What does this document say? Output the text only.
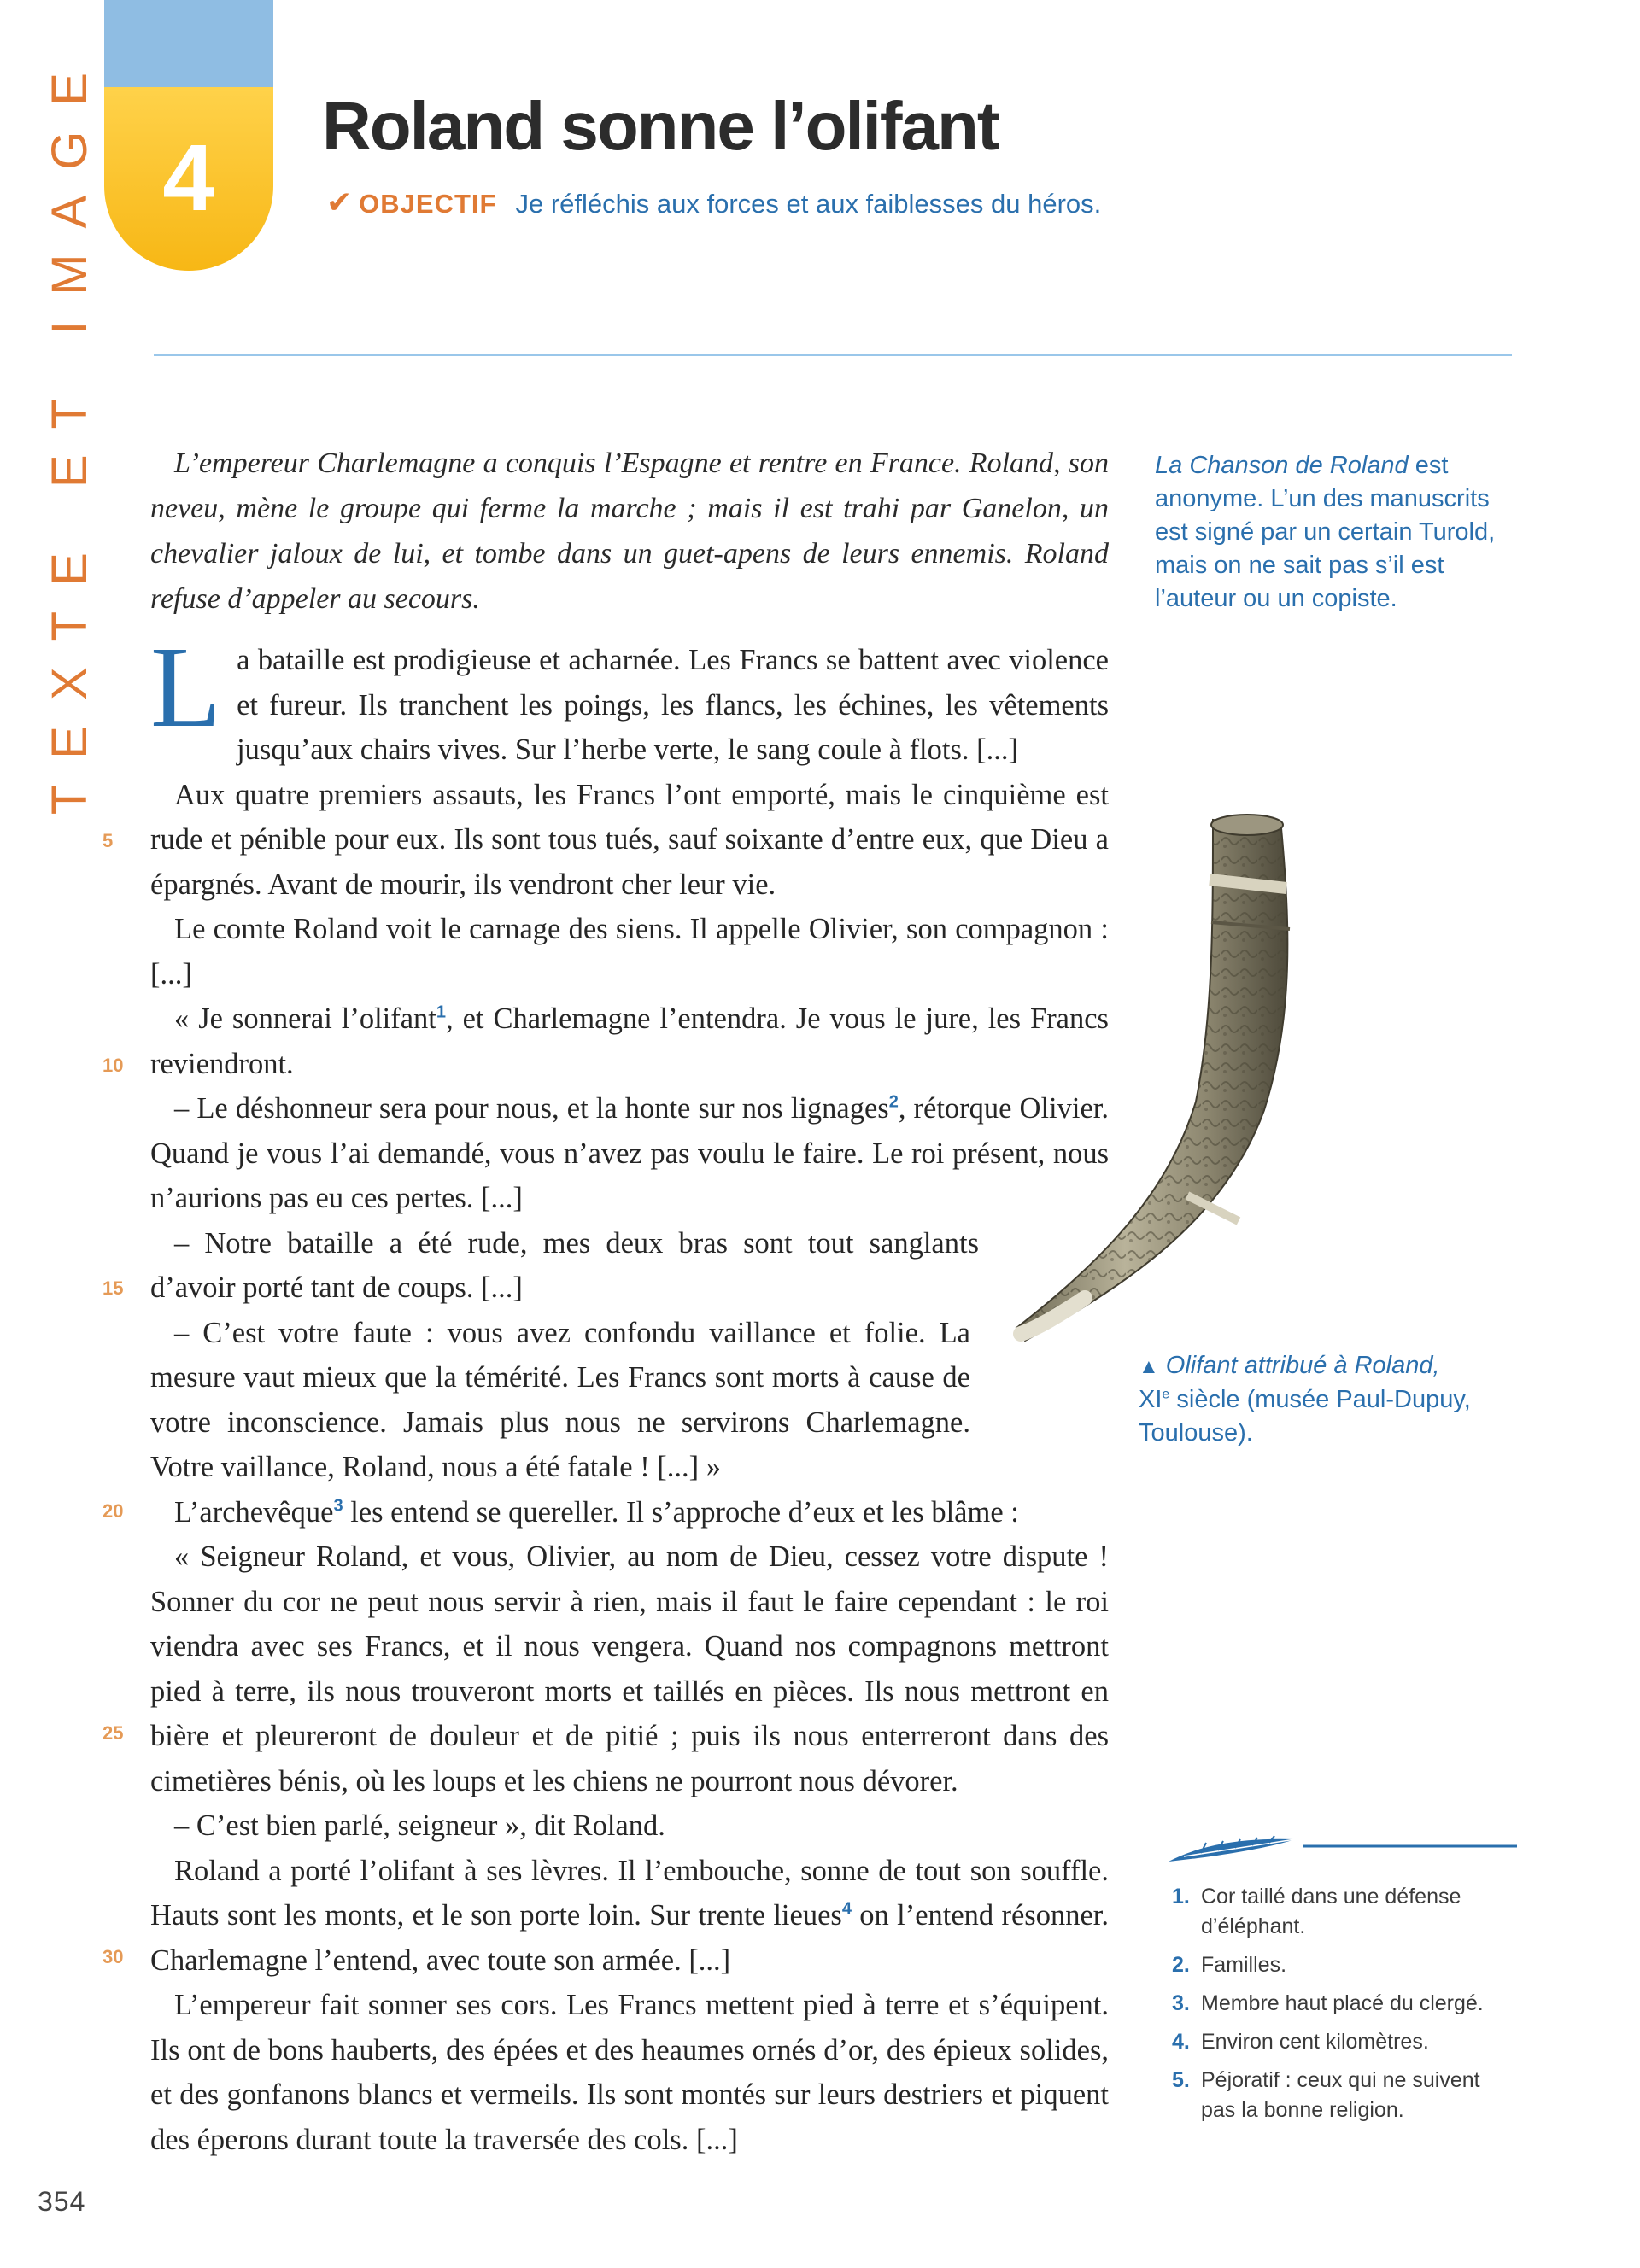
TEXTE ET IMAGE 4	Roland sonne l’olifant
✔ OBJECTIF Je réfléchis aux forces et aux faiblesses du héros.

L’empereur Charlemagne a conquis l’Espagne et rentre en France. Roland, son neveu, mène le groupe qui ferme la marche ; mais il est trahi par Ganelon, un chevalier jaloux de lui, et tombe dans un guet-apens de leurs ennemis. Roland refuse d’appeler au secours.

La Chanson de Roland est anonyme. L’un des manuscrits est signé par un certain Turold, mais on ne sait pas s’il est l’auteur ou un copiste.

La bataille est prodigieuse et acharnée. Les Francs se battent avec violence et fureur. Ils tranchent les poings, les flancs, les échines, les vêtements jusqu’aux chairs vives. Sur l’herbe verte, le sang coule à flots. [...]

Aux quatre premiers assauts, les Francs l’ont emporté, mais le cinquième est rude et pénible pour eux. Ils sont tous tués, sauf soixante d’entre eux, que Dieu a épargnés. Avant de mourir, ils vendront cher leur vie.

Le comte Roland voit le carnage des siens. Il appelle Olivier, son compagnon : [...]

« Je sonnerai l’olifant$^1$, et Charlemagne l’entendra. Je vous le jure, les Francs reviendront.

– Le déshonneur sera pour nous, et la honte sur nos lignages$^2$, rétorque Olivier. Quand je vous l’ai demandé, vous n’avez pas voulu le faire. Le roi présent, nous n’aurions pas eu ces pertes. [...]

– Notre bataille a été rude, mes deux bras sont tout sanglants d’avoir porté tant de coups. [...]

– C’est votre faute : vous avez confondu vaillance et folie. La mesure vaut mieux que la témérité. Les Francs sont morts à cause de votre inconscience. Jamais plus nous ne servirons Charlemagne. Votre vaillance, Roland, nous a été fatale ! [...] »

L’archevêque$^3$ les entend se quereller. Il s’approche d’eux et les blâme :

« Seigneur Roland, et vous, Olivier, au nom de Dieu, cessez votre dispute ! Sonner du cor ne peut nous servir à rien, mais il faut le faire cependant : le roi viendra avec ses Francs, et il nous vengera. Quand nos compagnons mettront pied à terre, ils nous trouveront morts et taillés en pièces. Ils nous mettront en bière et pleureront de douleur et de pitié ; puis ils nous enterreront dans des cimetières bénis, où les loups et les chiens ne pourront nous dévorer.

– C’est bien parlé, seigneur », dit Roland.

Roland a porté l’olifant à ses lèvres. Il l’embouche, sonne de tout son souffle. Hauts sont les monts, et le son porte loin. Sur trente lieues$^4$ on l’entend résonner. Charlemagne l’entend, avec toute son armée. [...]

L’empereur fait sonner ses cors. Les Francs mettent pied à terre et s’équipent. Ils ont de bons hauberts, des épées et des heaumes ornés d’or, des épieux solides, et des gonfanons blancs et vermeils. Ils sont montés sur leurs destriers et piquent des éperons durant toute la traversée des cols. [...]

5
10
15
20
25
30
▲ Olifant attribué à Roland,
XIe siècle (musée Paul-Dupuy, Toulouse).
1. Cor taillé dans une défense d’éléphant.
2. Familles.
3. Membre haut placé du clergé.
4. Environ cent kilomètres.
5. Péjoratif : ceux qui ne suivent pas la bonne religion.
354
